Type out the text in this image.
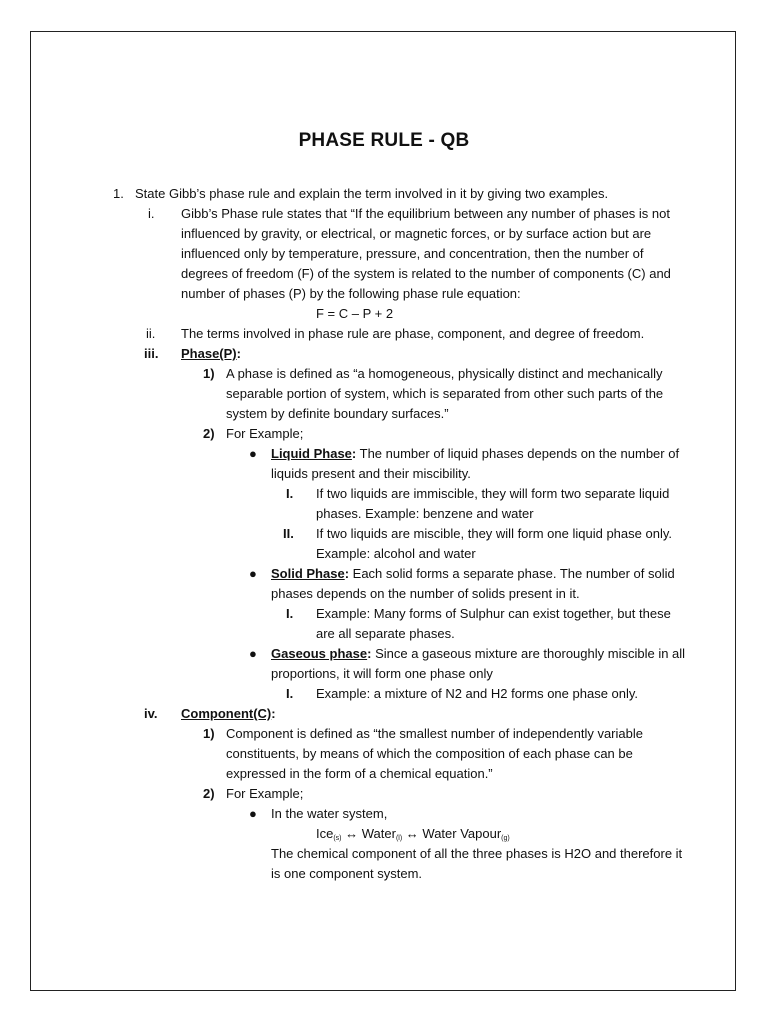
PHASE RULE - QB
1. State Gibb’s phase rule and explain the term involved in it by giving two examples.
i. Gibb’s Phase rule states that “If the equilibrium between any number of phases is not
influenced by gravity, or electrical, or magnetic forces, or by surface action but are
influenced only by temperature, pressure, and concentration, then the number of
degrees of freedom (F) of the system is related to the number of components (C) and
number of phases (P) by the following phase rule equation:
F = C – P + 2
ii. The terms involved in phase rule are phase, component, and degree of freedom.
iii. Phase(P):
1) A phase is defined as “a homogeneous, physically distinct and mechanically
separable portion of system, which is separated from other such parts of the
system by definite boundary surfaces.”
2) For Example;
● Liquid Phase: The number of liquid phases depends on the number of
liquids present and their miscibility.
I. If two liquids are immiscible, they will form two separate liquid
phases. Example: benzene and water
II. If two liquids are miscible, they will form one liquid phase only.
Example: alcohol and water
● Solid Phase: Each solid forms a separate phase. The number of solid
phases depends on the number of solids present in it.
I. Example: Many forms of Sulphur can exist together, but these
are all separate phases.
● Gaseous phase: Since a gaseous mixture are thoroughly miscible in all
proportions, it will form one phase only
I. Example: a mixture of N2 and H2 forms one phase only.
iv. Component(C):
1) Component is defined as “the smallest number of independently variable
constituents, by means of which the composition of each phase can be
expressed in the form of a chemical equation.”
2) For Example;
● In the water system,
Ice$_{(s)}$ ↔ Water$_{(l)}$ ↔ Water Vapour$_{(g)}$
The chemical component of all the three phases is H2O and therefore it
is one component system.
